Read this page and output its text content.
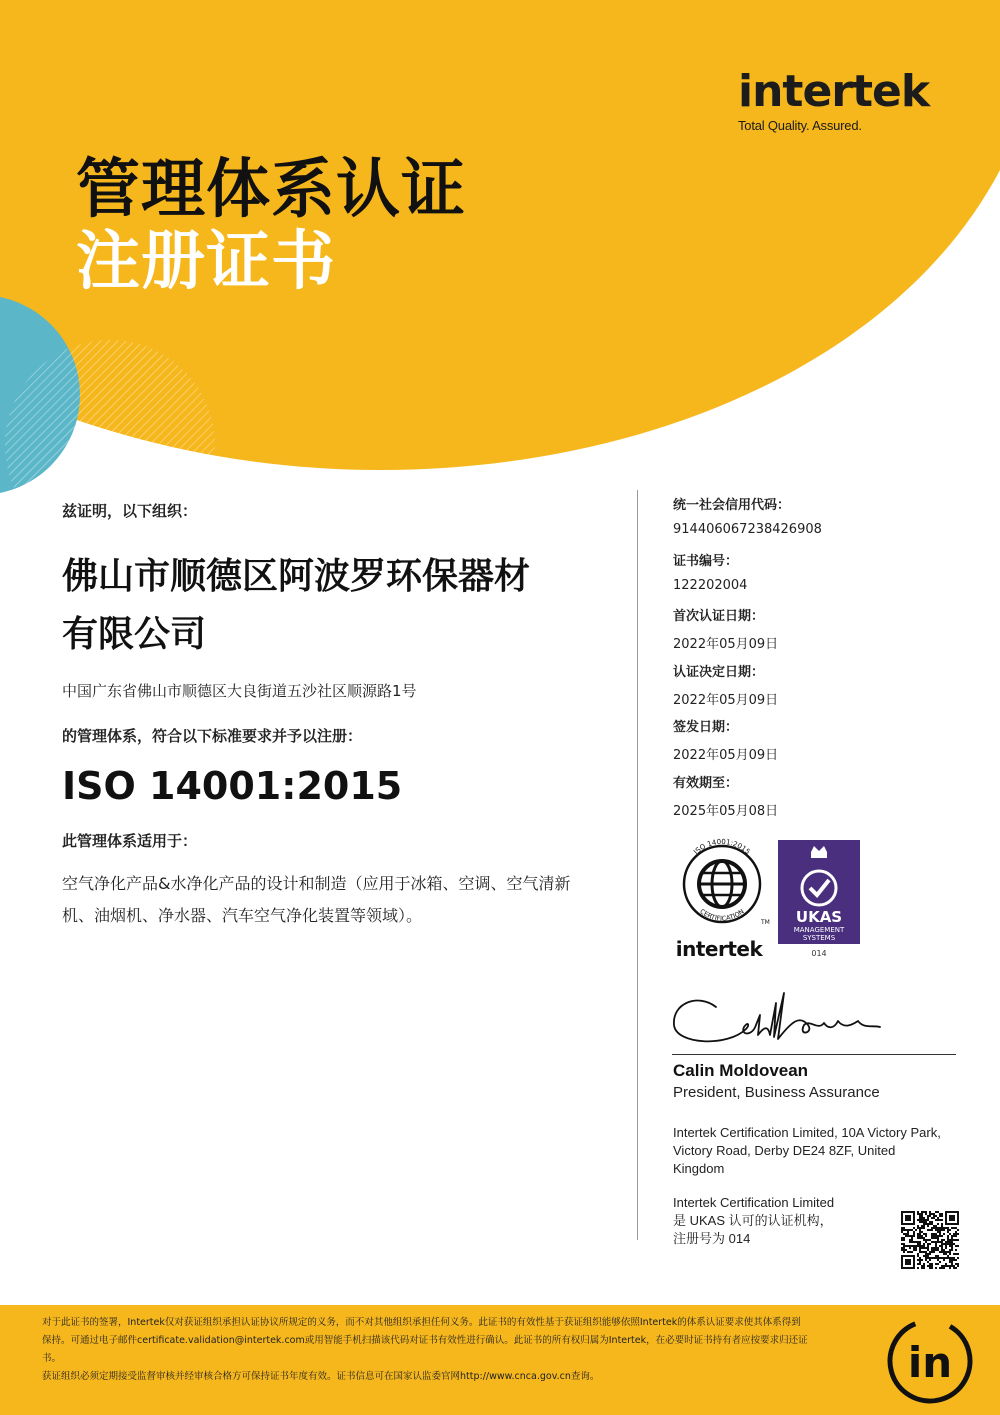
intertek
Total Quality. Assured.
管理体系认证
注册证书
兹证明，以下组织：
佛山市顺德区阿波罗环保器材
有限公司
中国广东省佛山市顺德区大良街道五沙社区顺源路1号
的管理体系，符合以下标准要求并予以注册：
ISO 14001:2015
此管理体系适用于：
空气净化产品&水净化产品的设计和制造（应用于冰箱、空调、空气清新
机、油烟机、净水器、汽车空气净化装置等领域）。
统一社会信用代码：
914406067238426908
证书编号：
122202004
首次认证日期：
2022年05月09日
认证决定日期：
2022年05月09日
签发日期：
2022年05月09日
有效期至：
2025年05月08日
ISO 14001:2015
CERTIFICATION
TM
intertek
UKAS
MANAGEMENT
SYSTEMS
014
Calin Moldovean
President, Business Assurance
Intertek Certification Limited, 10A Victory Park, Victory Road, Derby DE24 8ZF, United Kingdom
Intertek Certification Limited
是 UKAS 认可的认证机构，
注册号为 014
对于此证书的签署，Intertek仅对获证组织承担认证协议所规定的义务，而不对其他组织承担任何义务。此证书的有效性基于获证组织能够依照Intertek的体系认证要求使其体系得到
保持。可通过电子邮件certificate.validation@intertek.com或用智能手机扫描该代码对证书有效性进行确认。此证书的所有权归属为Intertek，在必要时证书持有者应按要求归还证
书。
获证组织必须定期接受监督审核并经审核合格方可保持证书年度有效。证书信息可在国家认监委官网http://www.cnca.gov.cn查询。	in
